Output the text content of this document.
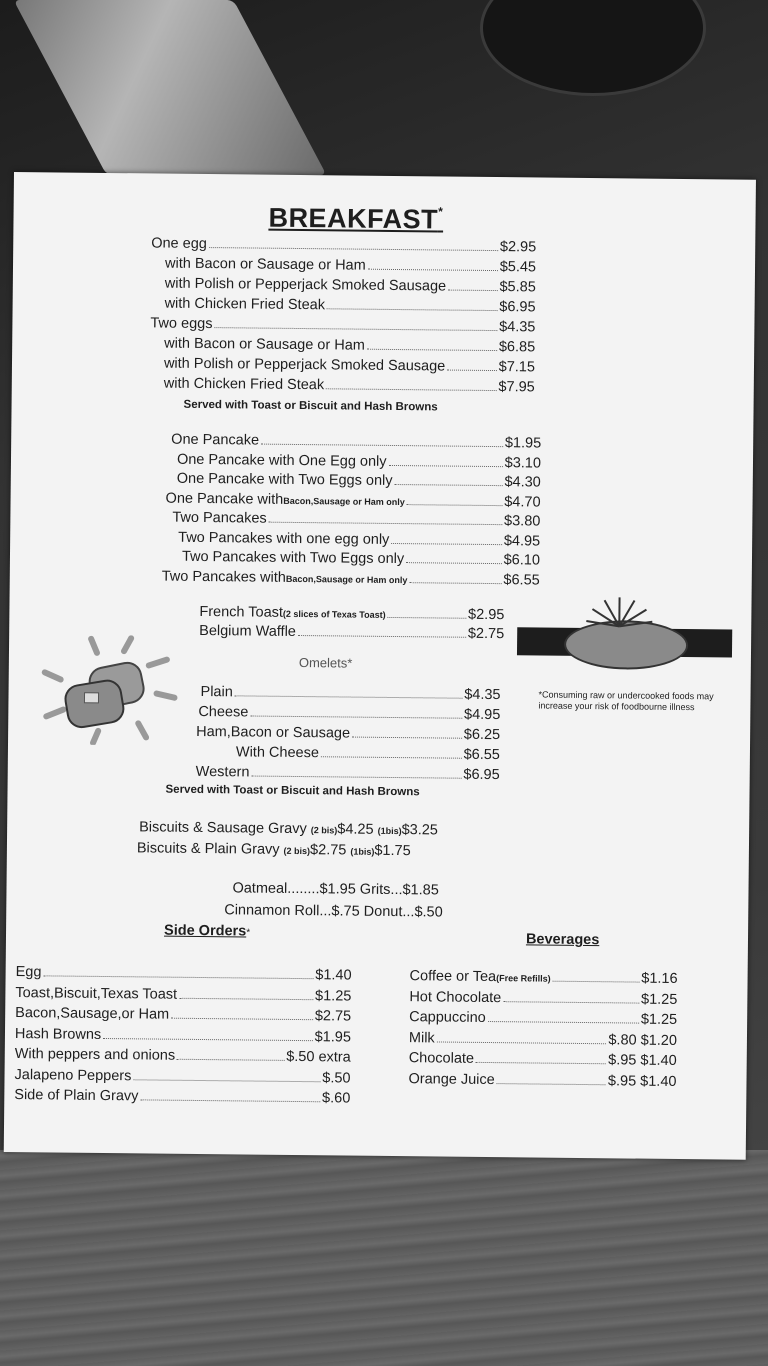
BREAKFAST*
One egg	$2.95
with Bacon or Sausage or Ham	$5.45
with Polish or Pepperjack Smoked Sausage	$5.85
with Chicken Fried Steak	$6.95
Two eggs	$4.35
with Bacon or Sausage or Ham	$6.85
with Polish or Pepperjack Smoked Sausage	$7.15
with Chicken Fried Steak	$7.95
Served with Toast or Biscuit and Hash Browns
One Pancake	$1.95
One Pancake with One Egg only	$3.10
One Pancake with Two Eggs only	$4.30
One Pancake with Bacon,Sausage or Ham only	$4.70
Two Pancakes	$3.80
Two Pancakes with one egg only	$4.95
Two Pancakes with Two Eggs only	$6.10
Two Pancakes with Bacon,Sausage or Ham only	$6.55
French Toast (2 slices of Texas Toast)	$2.95
Belgium Waffle	$2.75
Omelets*
Plain	$4.35
Cheese	$4.95
Ham,Bacon or Sausage	$6.25
With Cheese	$6.55
Western	$6.95
Served with Toast or Biscuit and Hash Browns
*Consuming raw or undercooked foods may increase your risk of foodbourne illness
Biscuits & Sausage Gravy (2 bis)$4.25 (1bis)$3.25
Biscuits & Plain Gravy (2 bis)$2.75 (1bis)$1.75
Oatmeal........$1.95 Grits...$1.85
Cinnamon Roll...$.75 Donut...$.50
Side Orders*	Beverages
Egg	$1.40
Toast,Biscuit,Texas Toast	$1.25
Bacon,Sausage,or Ham	$2.75
Hash Browns	$1.95
With peppers and onions	$.50 extra
Jalapeno Peppers	$.50
Side of Plain Gravy	$.60
Coffee or Tea (Free Refills)	$1.16
Hot Chocolate	$1.25
Cappuccino	$1.25
Milk	$.80 $1.20
Chocolate	$.95 $1.40
Orange Juice	$.95 $1.40
